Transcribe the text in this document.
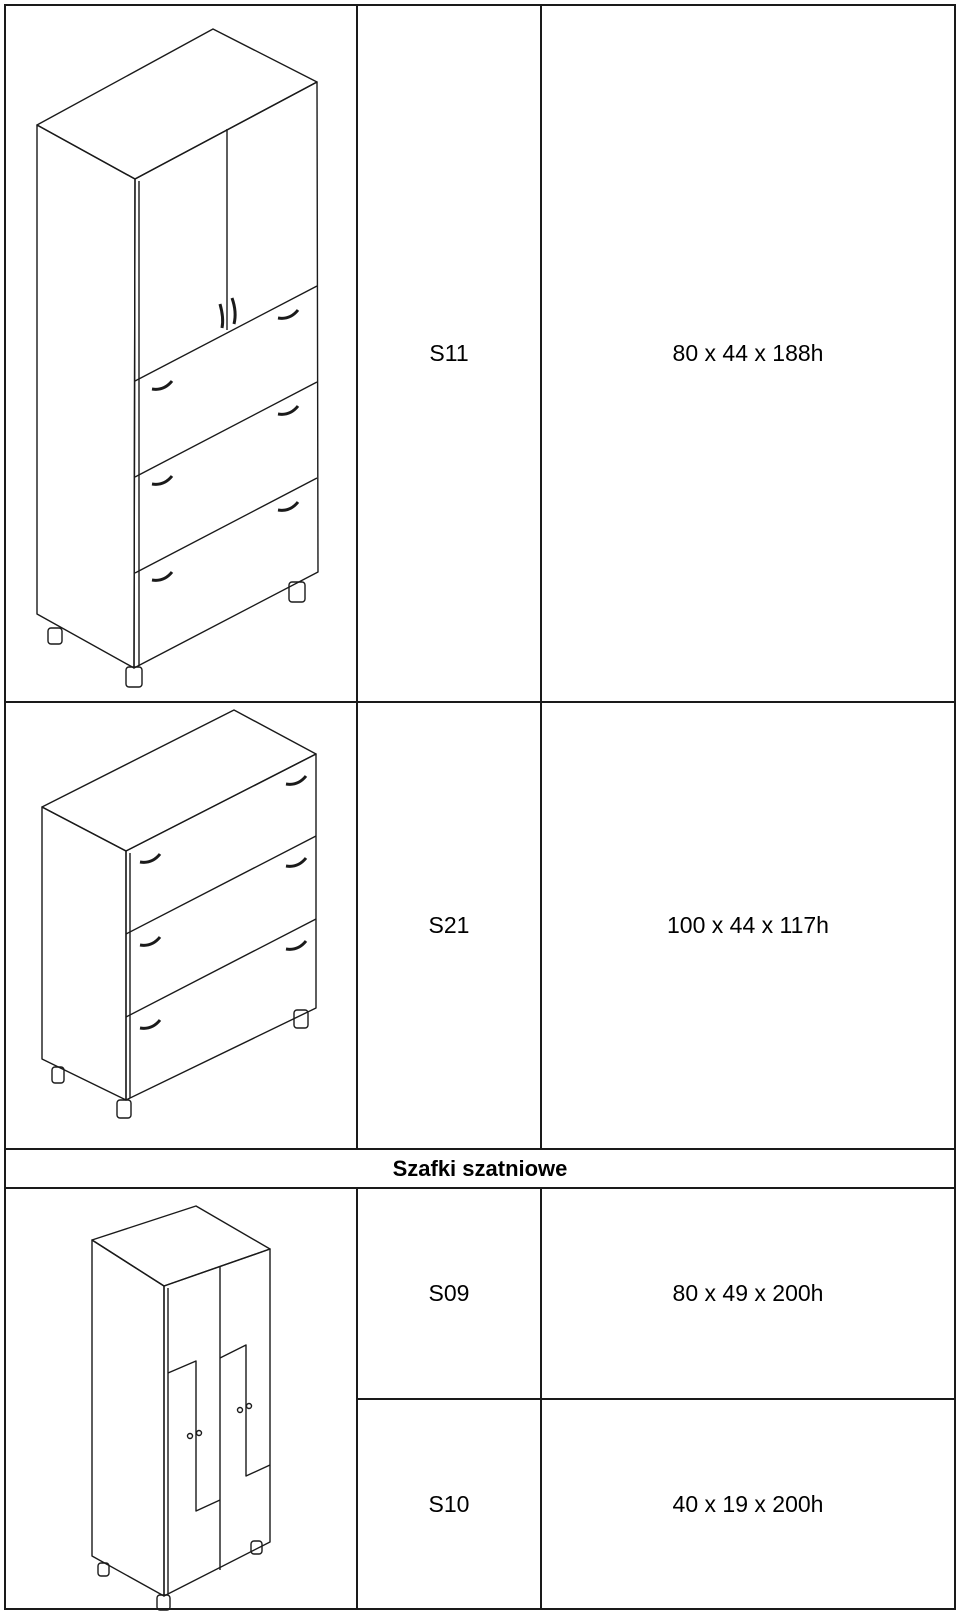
S11	80 x 44 x 188h
S21	100 x 44 x 117h
Szafki szatniowe
S09	80 x 49 x 200h
S10	40 x 19 x 200h
